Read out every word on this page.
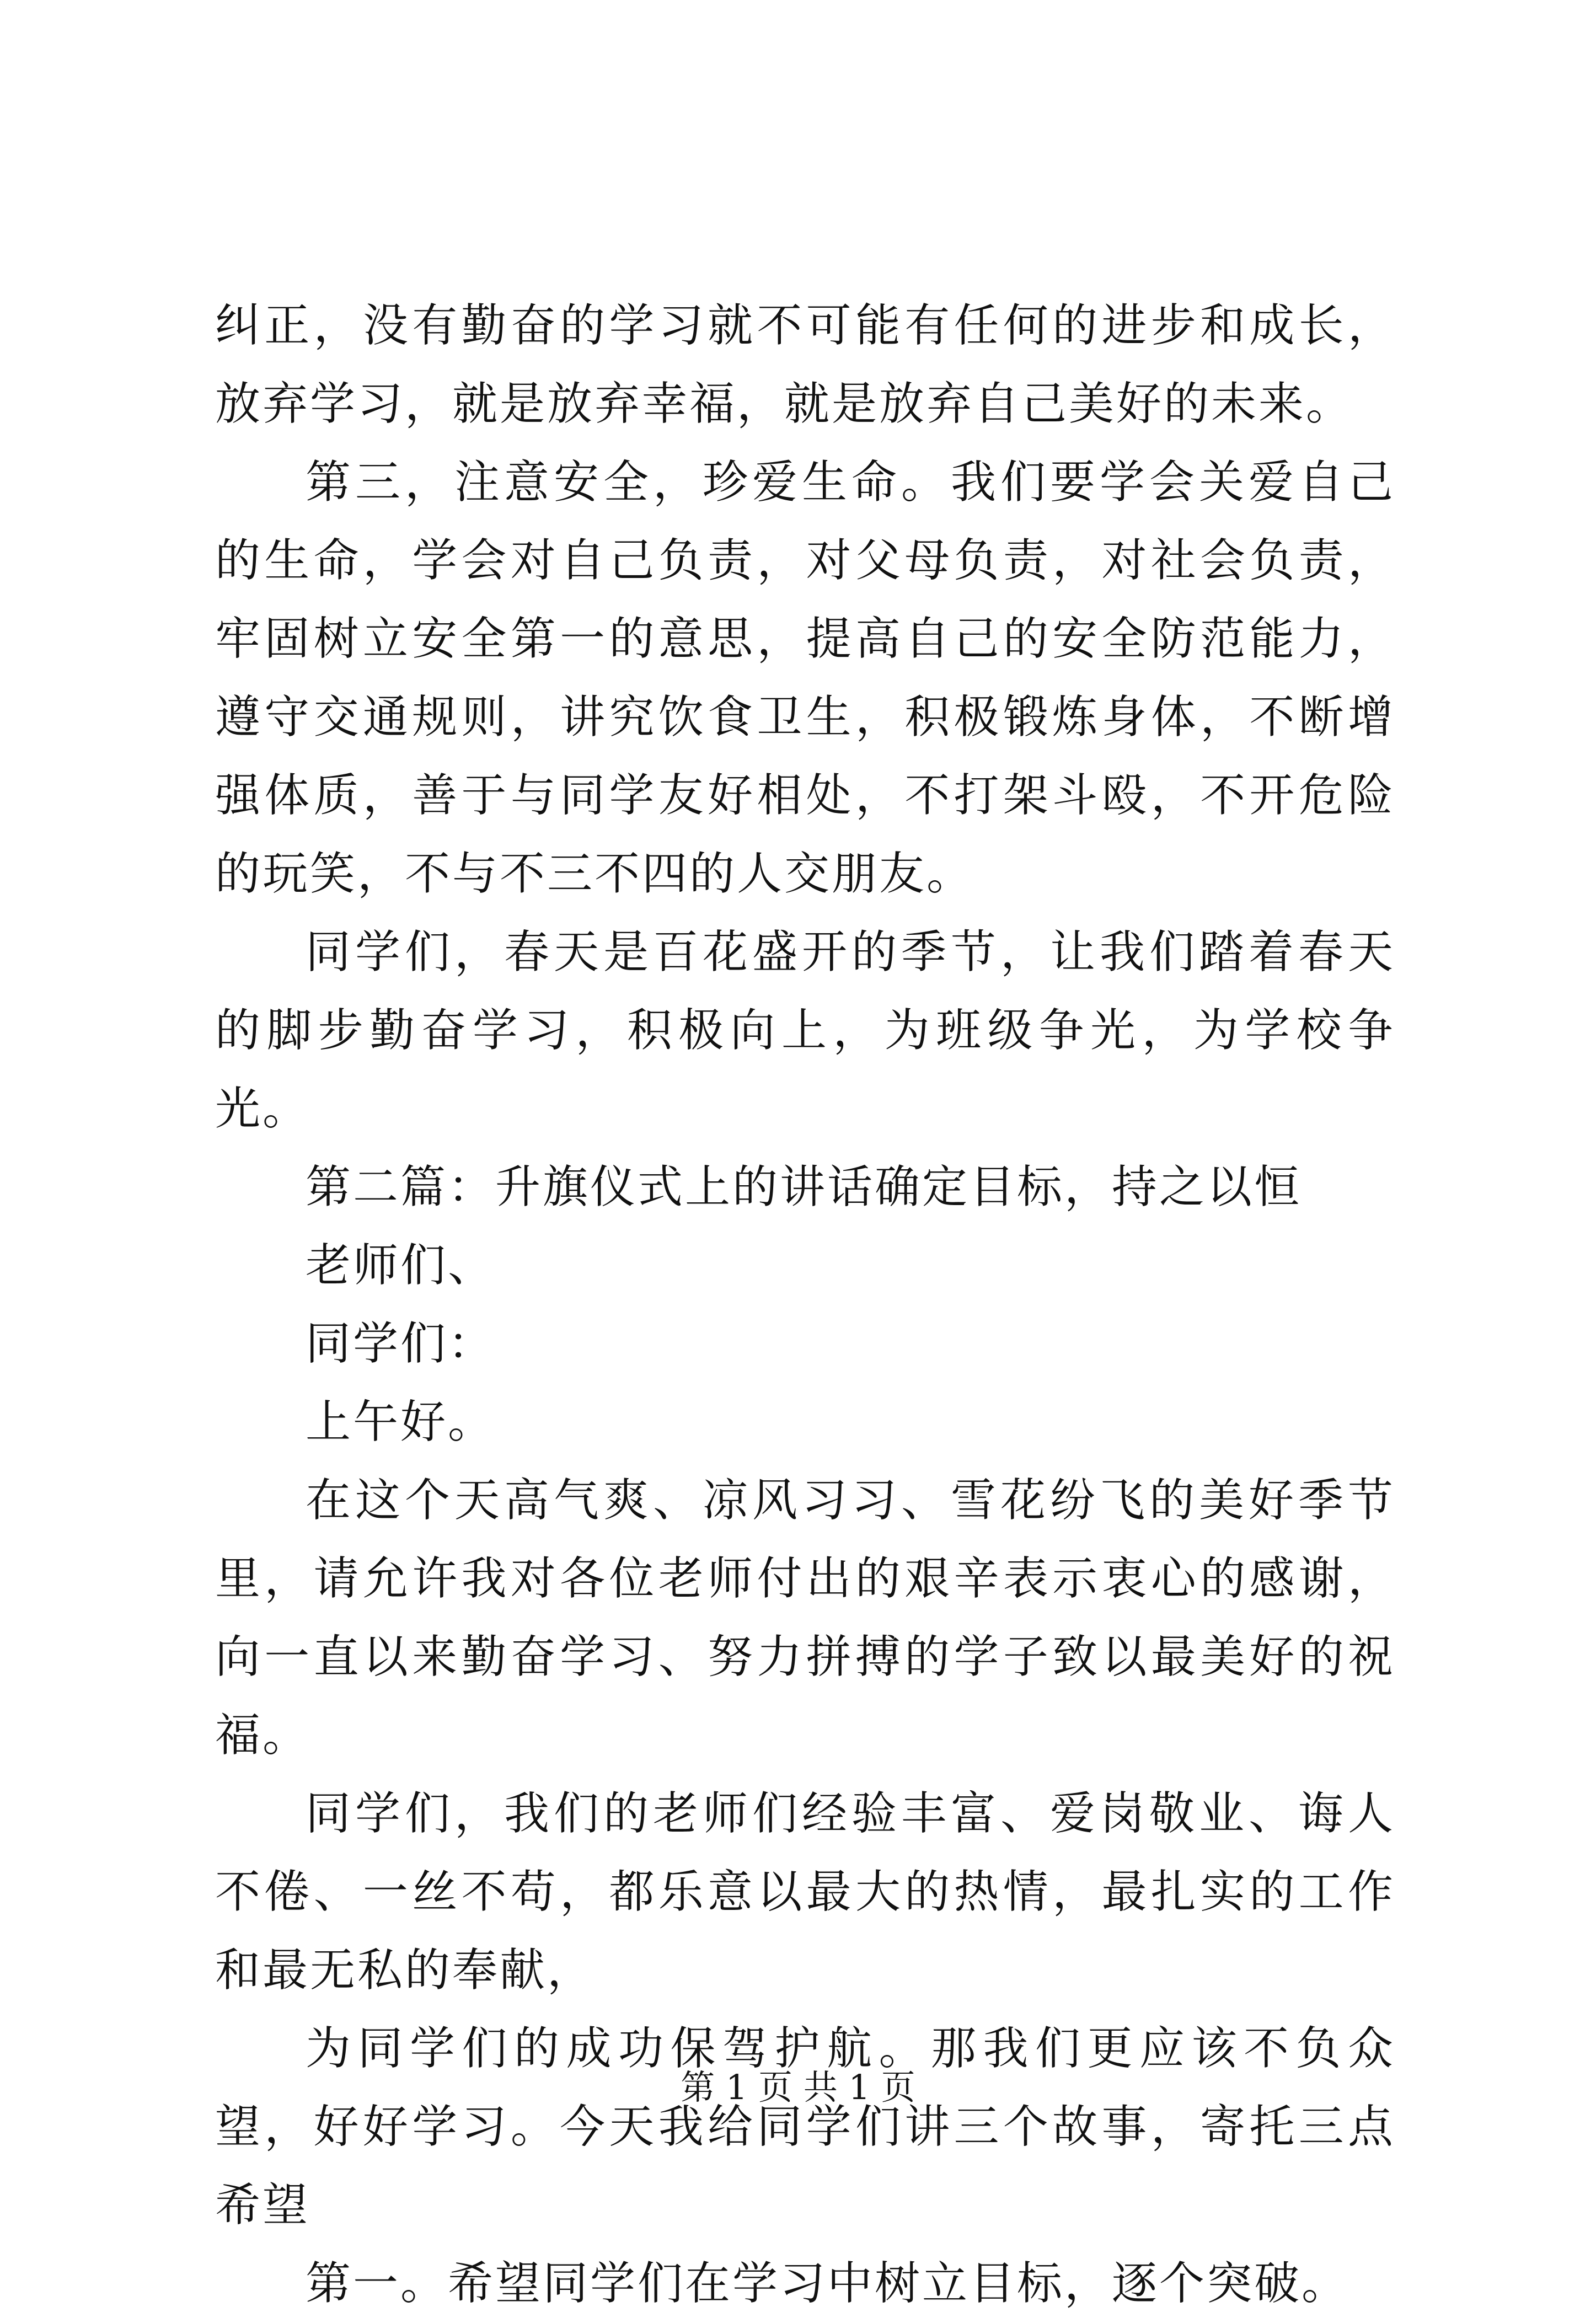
纠正，没有勤奋的学习就不可能有任何的进步和成长，放弃学习，就是放弃幸福，就是放弃自己美好的未来。

第三，注意安全，珍爱生命。我们要学会关爱自己的生命，学会对自己负责，对父母负责，对社会负责，牢固树立安全第一的意思，提高自己的安全防范能力，遵守交通规则，讲究饮食卫生，积极锻炼身体，不断增强体质，善于与同学友好相处，不打架斗殴，不开危险的玩笑，不与不三不四的人交朋友。

同学们，春天是百花盛开的季节，让我们踏着春天的脚步勤奋学习，积极向上，为班级争光，为学校争光。

第二篇：升旗仪式上的讲话确定目标，持之以恒

老师们、

同学们：

上午好。

在这个天高气爽、凉风习习、雪花纷飞的美好季节里，请允许我对各位老师付出的艰辛表示衷心的感谢，向一直以来勤奋学习、努力拼搏的学子致以最美好的祝福。

同学们，我们的老师们经验丰富、爱岗敬业、诲人不倦、一丝不苟，都乐意以最大的热情，最扎实的工作和最无私的奉献，

为同学们的成功保驾护航。那我们更应该不负众望，好好学习。今天我给同学们讲三个故事，寄托三点希望

第一。希望同学们在学习中树立目标，逐个突破。

第 1 页 共 1 页
